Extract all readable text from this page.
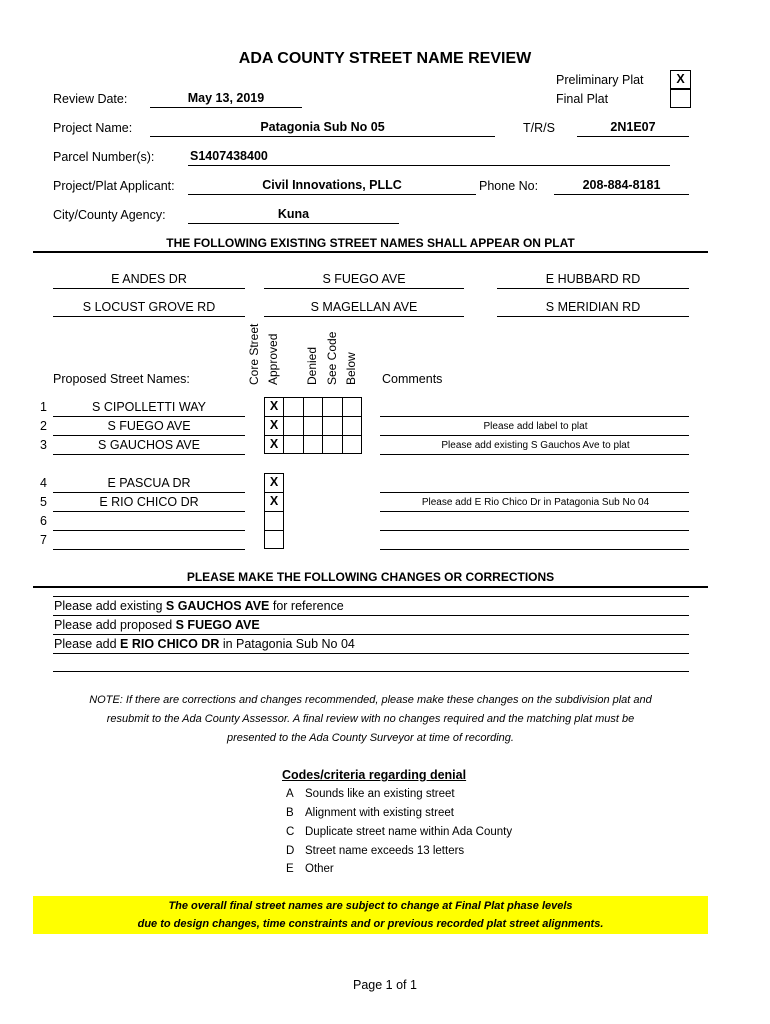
ADA COUNTY STREET NAME REVIEW
Preliminary Plat	X
Final Plat
Review Date:	May 13, 2019
Project Name:	Patagonia Sub No 05	T/R/S	2N1E07
Parcel Number(s):	S1407438400
Project/Plat Applicant:	Civil Innovations, PLLC	Phone No:	208-884-8181
City/County Agency:	Kuna
THE FOLLOWING EXISTING STREET NAMES SHALL APPEAR ON PLAT
E ANDES DR	S FUEGO AVE	E HUBBARD RD
S LOCUST GROVE RD	S MAGELLAN AVE	S MERIDIAN RD
Core Street Approved Denied See Code Below
Proposed Street Names:	Comments
1	S CIPOLLETTI WAY	X
2	S FUEGO AVE	X	Please add label to plat
3	S GAUCHOS AVE	X	Please add existing S Gauchos Ave to plat
4	E PASCUA DR	X
5	E RIO CHICO DR	X	Please add E Rio Chico Dr in Patagonia Sub No 04
6
7
PLEASE MAKE THE FOLLOWING CHANGES OR CORRECTIONS
Please add existing S GAUCHOS AVE for reference
Please add proposed S FUEGO AVE
Please add E RIO CHICO DR in Patagonia Sub No 04
NOTE: If there are corrections and changes recommended, please make these changes on the subdivision plat and
resubmit to the Ada County Assessor. A final review with no changes required and the matching plat must be
presented to the Ada County Surveyor at time of recording.
Codes/criteria regarding denial
A Sounds like an existing street
B Alignment with existing street
C Duplicate street name within Ada County
D Street name exceeds 13 letters
E Other
The overall final street names are subject to change at Final Plat phase levels
due to design changes, time constraints and or previous recorded plat street alignments.
Page 1 of 1
